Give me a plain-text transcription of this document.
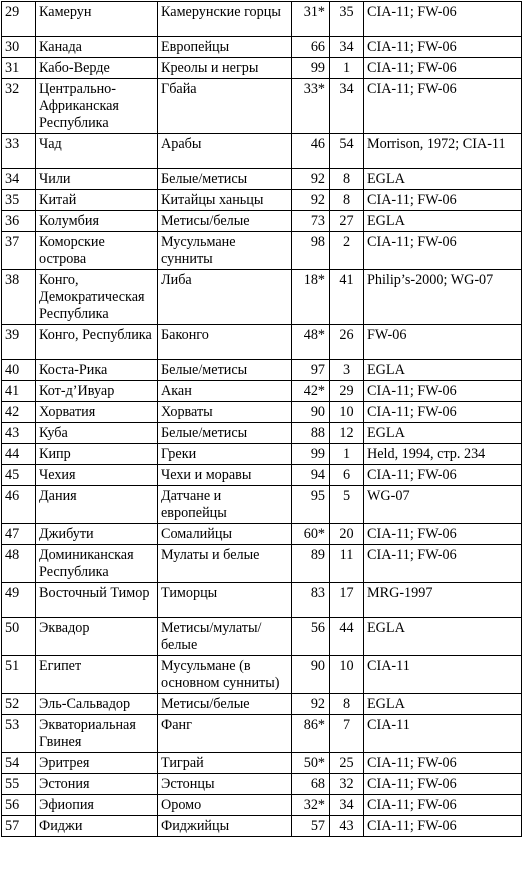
29	Камерун	Камерунские горцы	31*	35	CIA-11; FW-06
30	Канада	Европейцы	66	34	CIA-11; FW-06
31	Кабо-Верде	Креолы и негры	99	1	CIA-11; FW-06
32	Центрально-Африканская Республика	Гбайа	33*	34	CIA-11; FW-06
33	Чад	Арабы	46	54	Morrison, 1972; CIA-11
34	Чили	Белые/метисы	92	8	EGLA
35	Китай	Китайцы ханьцы	92	8	CIA-11; FW-06
36	Колумбия	Метисы/белые	73	27	EGLA
37	Коморские острова	Мусульмане сунниты	98	2	CIA-11; FW-06
38	Конго, Демократическая Республика	Либа	18*	41	Philip’s-2000; WG-07
39	Конго, Республика	Баконго	48*	26	FW-06
40	Коста-Рика	Белые/метисы	97	3	EGLA
41	Кот-д’Ивуар	Акан	42*	29	CIA-11; FW-06
42	Хорватия	Хорваты	90	10	CIA-11; FW-06
43	Куба	Белые/метисы	88	12	EGLA
44	Кипр	Греки	99	1	Held, 1994, стр. 234
45	Чехия	Чехи и моравы	94	6	CIA-11; FW-06
46	Дания	Датчане и европейцы	95	5	WG-07
47	Джибути	Сомалийцы	60*	20	CIA-11; FW-06
48	Доминиканская Республика	Мулаты и белые	89	11	CIA-11; FW-06
49	Восточный Тимор	Тиморцы	83	17	MRG-1997
50	Эквадор	Метисы/мулаты/белые	56	44	EGLA
51	Египет	Мусульмане (в основном сунниты)	90	10	CIA-11
52	Эль-Сальвадор	Метисы/белые	92	8	EGLA
53	Экваториальная Гвинея	Фанг	86*	7	CIA-11
54	Эритрея	Тиграй	50*	25	CIA-11; FW-06
55	Эстония	Эстонцы	68	32	CIA-11; FW-06
56	Эфиопия	Оромо	32*	34	CIA-11; FW-06
57	Фиджи	Фиджийцы	57	43	CIA-11; FW-06
